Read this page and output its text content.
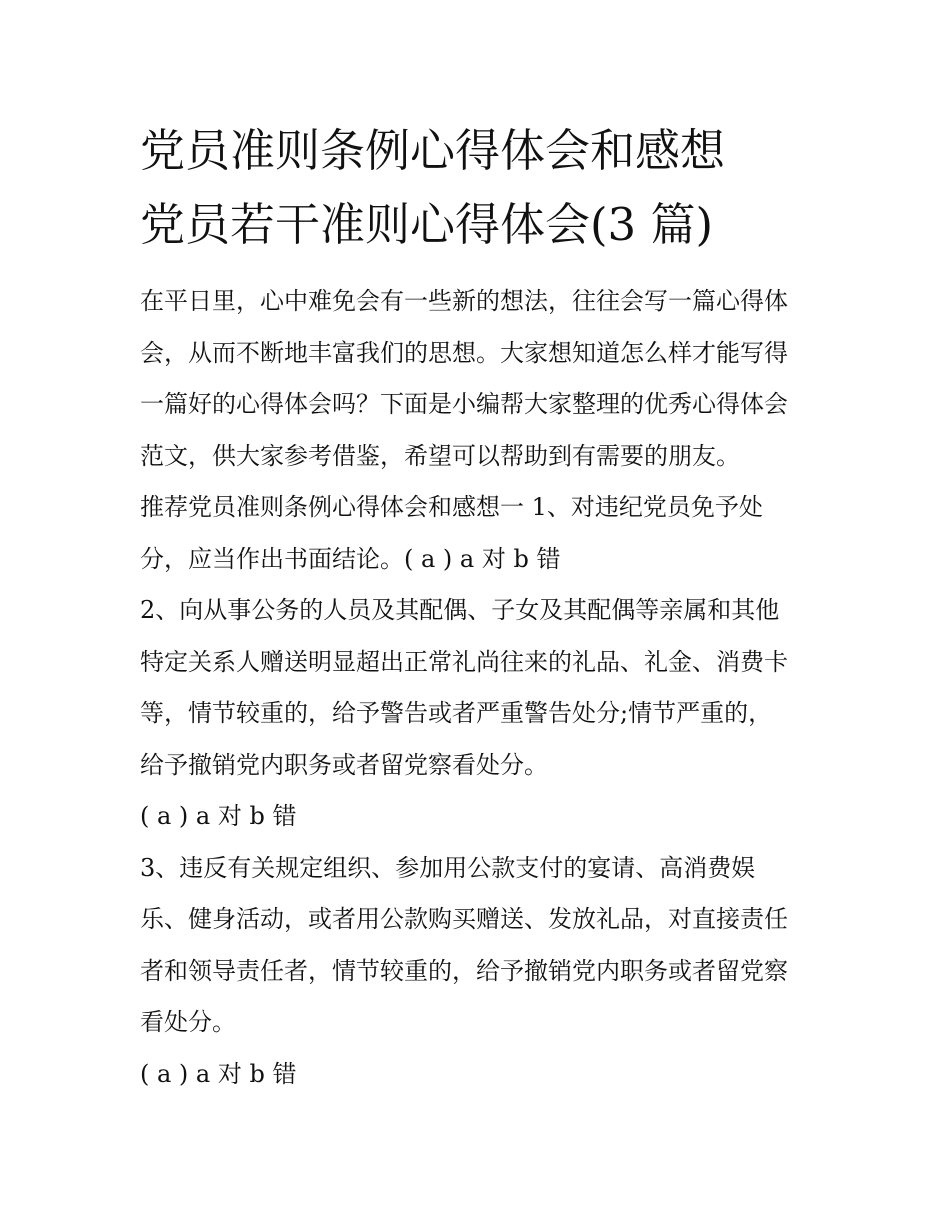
党员准则条例心得体会和感想
党员若干准则心得体会(3 篇)

在平日里，心中难免会有一些新的想法，往往会写一篇心得体

会，从而不断地丰富我们的思想。大家想知道怎么样才能写得

一篇好的心得体会吗？下面是小编帮大家整理的优秀心得体会

范文，供大家参考借鉴，希望可以帮助到有需要的朋友。

推荐党员准则条例心得体会和感想一 1、对违纪党员免予处

分，应当作出书面结论。( a ) a 对 b 错

2、向从事公务的人员及其配偶、子女及其配偶等亲属和其他

特定关系人赠送明显超出正常礼尚往来的礼品、礼金、消费卡

等，情节较重的，给予警告或者严重警告处分;情节严重的，

给予撤销党内职务或者留党察看处分。

( a ) a 对 b 错

3、违反有关规定组织、参加用公款支付的宴请、高消费娱

乐、健身活动，或者用公款购买赠送、发放礼品，对直接责任

者和领导责任者，情节较重的，给予撤销党内职务或者留党察

看处分。

( a ) a 对 b 错
